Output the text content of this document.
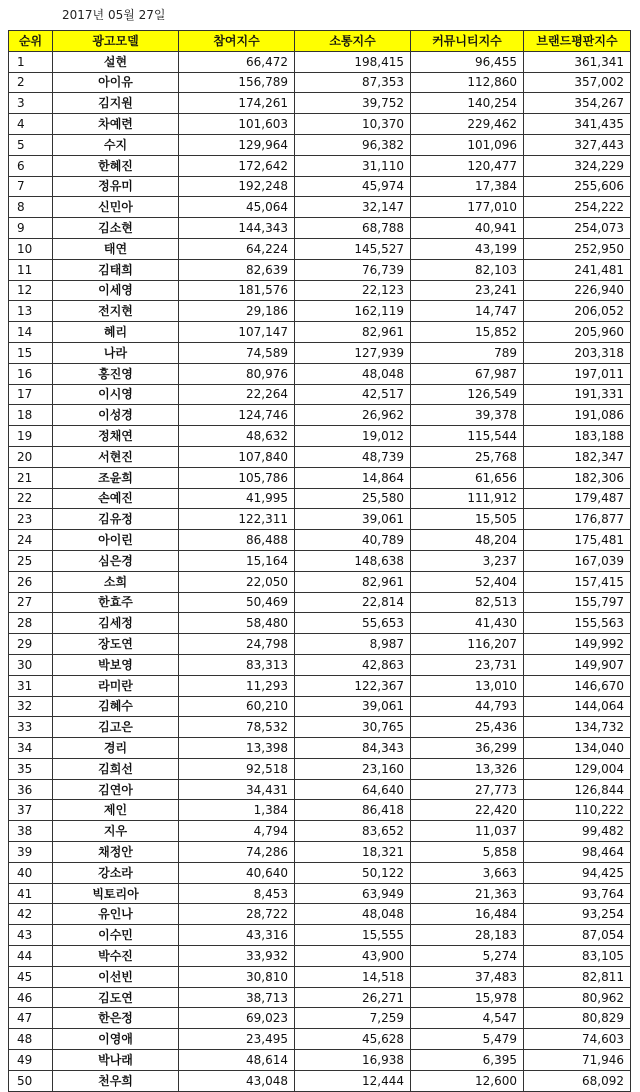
2017년 05월 27일
순위	광고모델	참여지수	소통지수	커뮤니티지수	브랜드평판지수
1	설현	66,472	198,415	96,455	361,341
2	아이유	156,789	87,353	112,860	357,002
3	김지원	174,261	39,752	140,254	354,267
4	차예련	101,603	10,370	229,462	341,435
5	수지	129,964	96,382	101,096	327,443
6	한혜진	172,642	31,110	120,477	324,229
7	정유미	192,248	45,974	17,384	255,606
8	신민아	45,064	32,147	177,010	254,222
9	김소현	144,343	68,788	40,941	254,073
10	태연	64,224	145,527	43,199	252,950
11	김태희	82,639	76,739	82,103	241,481
12	이세영	181,576	22,123	23,241	226,940
13	전지현	29,186	162,119	14,747	206,052
14	혜리	107,147	82,961	15,852	205,960
15	나라	74,589	127,939	789	203,318
16	홍진영	80,976	48,048	67,987	197,011
17	이시영	22,264	42,517	126,549	191,331
18	이성경	124,746	26,962	39,378	191,086
19	정채연	48,632	19,012	115,544	183,188
20	서현진	107,840	48,739	25,768	182,347
21	조윤희	105,786	14,864	61,656	182,306
22	손예진	41,995	25,580	111,912	179,487
23	김유정	122,311	39,061	15,505	176,877
24	아이린	86,488	40,789	48,204	175,481
25	심은경	15,164	148,638	3,237	167,039
26	소희	22,050	82,961	52,404	157,415
27	한효주	50,469	22,814	82,513	155,797
28	김세정	58,480	55,653	41,430	155,563
29	장도연	24,798	8,987	116,207	149,992
30	박보영	83,313	42,863	23,731	149,907
31	라미란	11,293	122,367	13,010	146,670
32	김혜수	60,210	39,061	44,793	144,064
33	김고은	78,532	30,765	25,436	134,732
34	경리	13,398	84,343	36,299	134,040
35	김희선	92,518	23,160	13,326	129,004
36	김연아	34,431	64,640	27,773	126,844
37	제인	1,384	86,418	22,420	110,222
38	지우	4,794	83,652	11,037	99,482
39	채정안	74,286	18,321	5,858	98,464
40	강소라	40,640	50,122	3,663	94,425
41	빅토리아	8,453	63,949	21,363	93,764
42	유인나	28,722	48,048	16,484	93,254
43	이수민	43,316	15,555	28,183	87,054
44	박수진	33,932	43,900	5,274	83,105
45	이선빈	30,810	14,518	37,483	82,811
46	김도연	38,713	26,271	15,978	80,962
47	한은정	69,023	7,259	4,547	80,829
48	이영애	23,495	45,628	5,479	74,603
49	박나래	48,614	16,938	6,395	71,946
50	천우희	43,048	12,444	12,600	68,092
